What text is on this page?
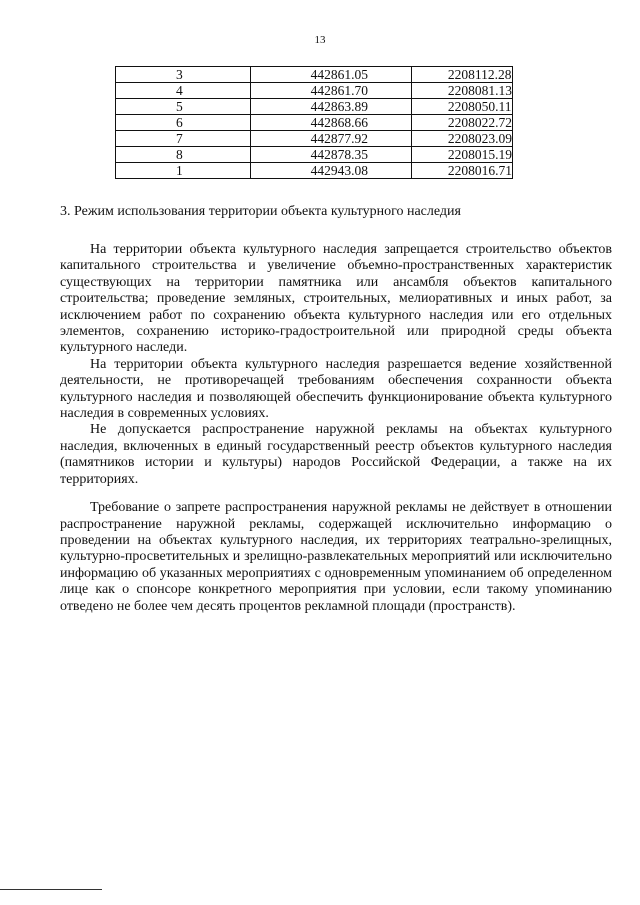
13
3	442861.05	2208112.28
4	442861.70	2208081.13
5	442863.89	2208050.11
6	442868.66	2208022.72
7	442877.92	2208023.09
8	442878.35	2208015.19
1	442943.08	2208016.71
3. Режим использования территории объекта культурного наследия

На территории объекта культурного наследия запрещается строительство объектов капитального строительства и увеличение объемно-пространственных характеристик существующих на территории памятника или ансамбля объектов капитального строительства; проведение земляных, строительных, мелиоративных и иных работ, за исключением работ по сохранению объекта культурного наследия или его отдельных элементов, сохранению историко-градостроительной или природной среды объекта культурного наследи.

На территории объекта культурного наследия разрешается ведение хозяйственной деятельности, не противоречащей требованиям обеспечения сохранности объекта культурного наследия и позволяющей обеспечить функционирование объекта культурного наследия в современных условиях.

Не допускается распространение наружной рекламы на объектах культурного наследия, включенных в единый государственный реестр объектов культурного наследия (памятников истории и культуры) народов Российской Федерации, а также на их территориях.

Требование о запрете распространения наружной рекламы не действует в отношении распространение наружной рекламы, содержащей исключительно информацию о проведении на объектах культурного наследия, их территориях театрально-зрелищных, культурно-просветительных и зрелищно-развлекательных мероприятий или исключительно информацию об указанных мероприятиях с одновременным упоминанием об определенном лице как о спонсоре конкретного мероприятия при условии, если такому упоминанию отведено не более чем десять процентов рекламной площади (пространств).
